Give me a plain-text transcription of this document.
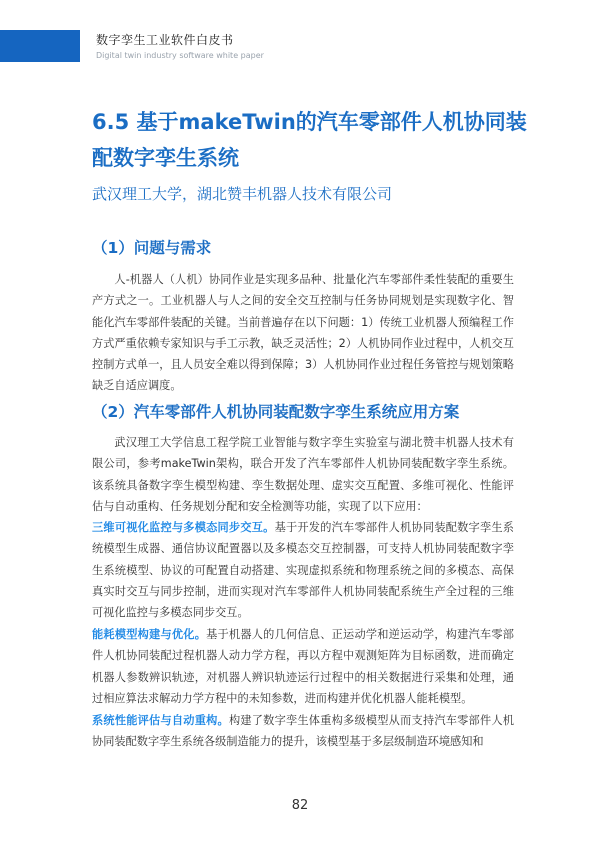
数字孪生工业软件白皮书
Digital twin industry software white paper
6.5 基于makeTwin的汽车零部件人机协同装配数字孪生系统
武汉理工大学，湖北赞丰机器人技术有限公司
（1）问题与需求

人-机器人（人机）协同作业是实现多品种、批量化汽车零部件柔性装配的重要生产方式之一。工业机器人与人之间的安全交互控制与任务协同规划是实现数字化、智能化汽车零部件装配的关键。当前普遍存在以下问题：1）传统工业机器人预编程工作方式严重依赖专家知识与手工示教，缺乏灵活性；2）人机协同作业过程中，人机交互控制方式单一，且人员安全难以得到保障；3）人机协同作业过程任务管控与规划策略缺乏自适应调度。

（2）汽车零部件人机协同装配数字孪生系统应用方案

武汉理工大学信息工程学院工业智能与数字孪生实验室与湖北赞丰机器人技术有限公司，参考makeTwin架构，联合开发了汽车零部件人机协同装配数字孪生系统。该系统具备数字孪生模型构建、孪生数据处理、虚实交互配置、多维可视化、性能评估与自动重构、任务规划分配和安全检测等功能，实现了以下应用：

三维可视化监控与多模态同步交互。基于开发的汽车零部件人机协同装配数字孪生系统模型生成器、通信协议配置器以及多模态交互控制器，可支持人机协同装配数字孪生系统模型、协议的可配置自动搭建、实现虚拟系统和物理系统之间的多模态、高保真实时交互与同步控制，进而实现对汽车零部件人机协同装配系统生产全过程的三维可视化监控与多模态同步交互。

能耗模型构建与优化。基于机器人的几何信息、正运动学和逆运动学，构建汽车零部件人机协同装配过程机器人动力学方程，再以方程中观测矩阵为目标函数，进而确定机器人参数辨识轨迹，对机器人辨识轨迹运行过程中的相关数据进行采集和处理，通过相应算法求解动力学方程中的未知参数，进而构建并优化机器人能耗模型。

系统性能评估与自动重构。构建了数字孪生体重构多级模型从而支持汽车零部件人机协同装配数字孪生系统各级制造能力的提升，该模型基于多层级制造环境感知和

82
